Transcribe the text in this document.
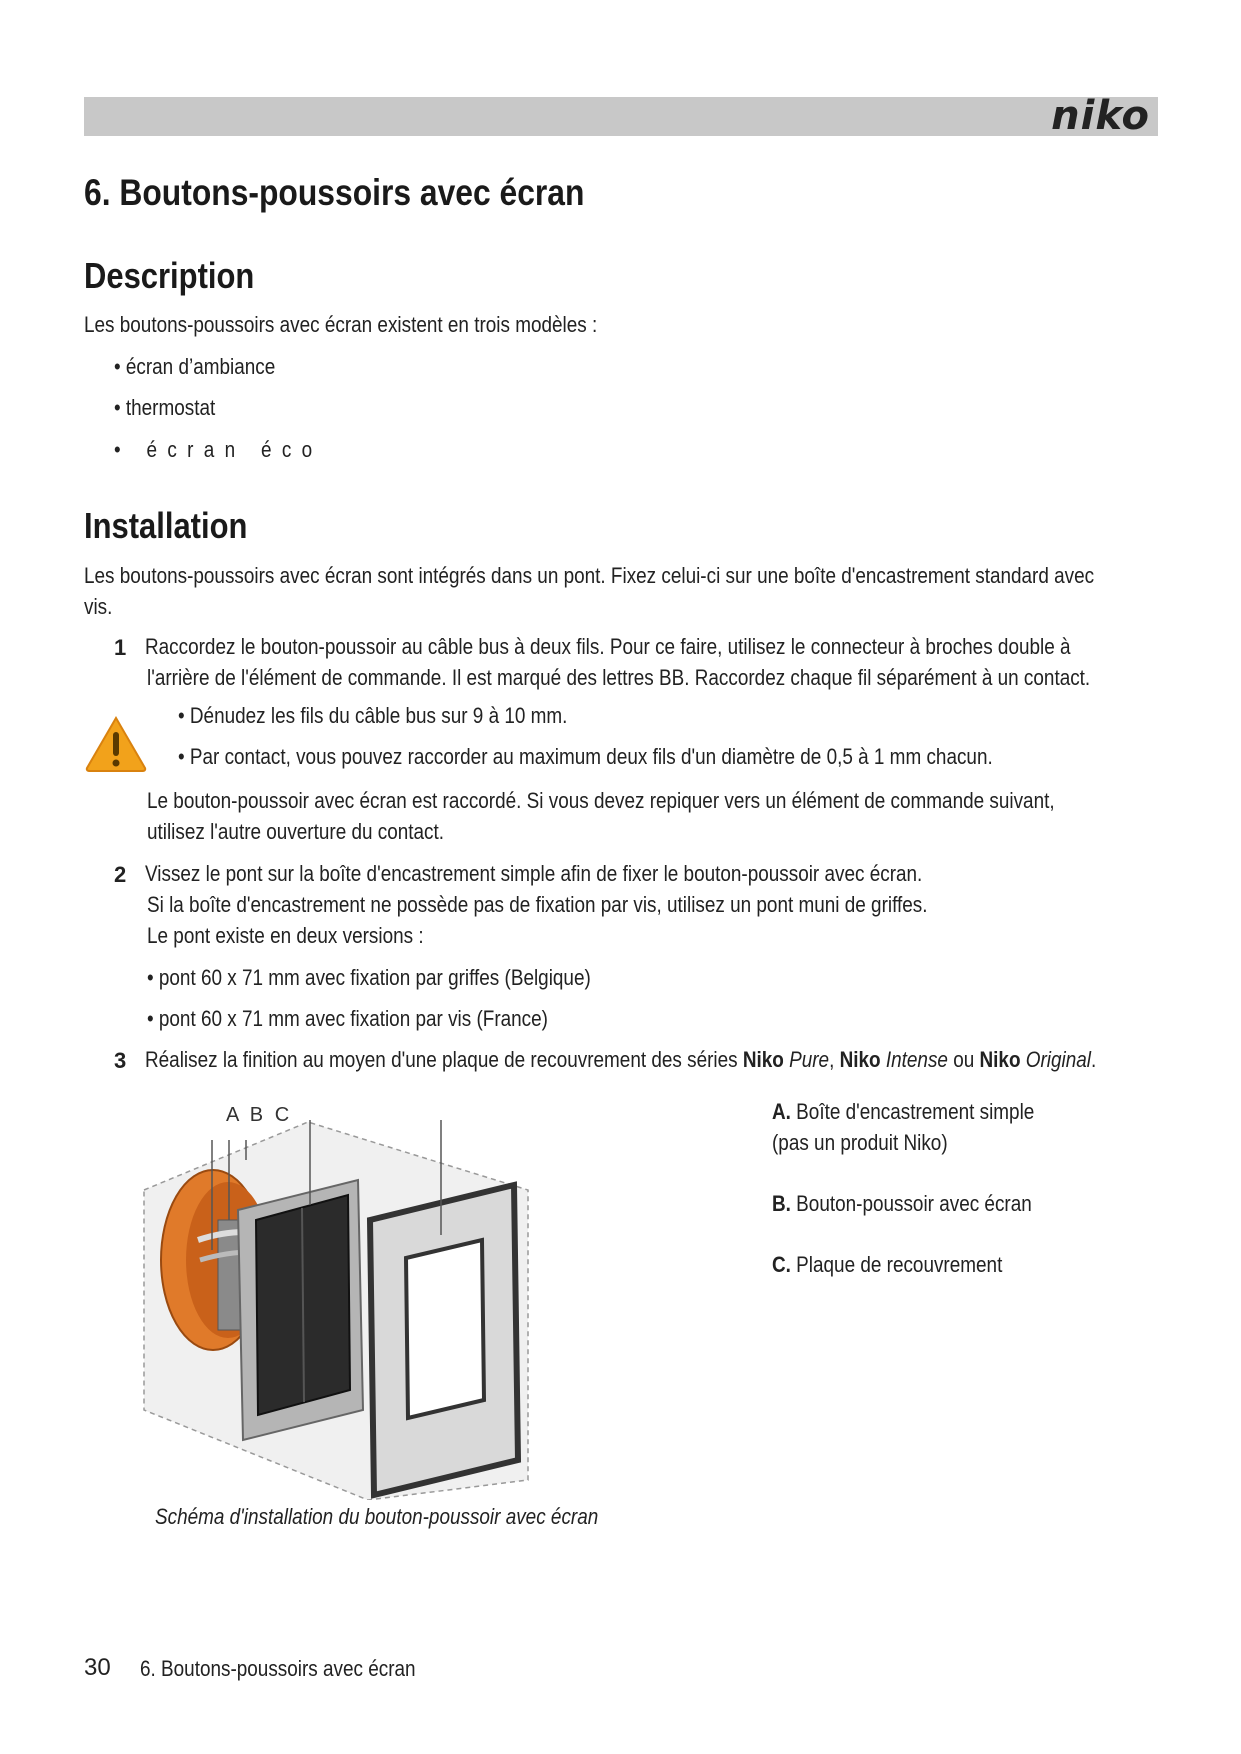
niko
6. Boutons-poussoirs avec écran
Description
Les boutons-poussoirs avec écran existent en trois modèles :
• écran d’ambiance
• thermostat
• écran éco
Installation
Les boutons-poussoirs avec écran sont intégrés dans un pont. Fixez celui-ci sur une boîte d'encastrement standard avec
vis.
1 Raccordez le bouton-poussoir au câble bus à deux fils. Pour ce faire, utilisez le connecteur à broches double à
l'arrière de l'élément de commande. Il est marqué des lettres BB. Raccordez chaque fil séparément à un contact.
• Dénudez les fils du câble bus sur 9 à 10 mm.
• Par contact, vous pouvez raccorder au maximum deux fils d'un diamètre de 0,5 à 1 mm chacun.
Le bouton-poussoir avec écran est raccordé. Si vous devez repiquer vers un élément de commande suivant,
utilisez l'autre ouverture du contact.
2 Vissez le pont sur la boîte d'encastrement simple afin de fixer le bouton-poussoir avec écran.
Si la boîte d'encastrement ne possède pas de fixation par vis, utilisez un pont muni de griffes.
Le pont existe en deux versions :
• pont 60 x 71 mm avec fixation par griffes (Belgique)
• pont 60 x 71 mm avec fixation par vis (France)
3 Réalisez la finition au moyen d'une plaque de recouvrement des séries Niko Pure, Niko Intense ou Niko Original.
A B C
Schéma d'installation du bouton-poussoir avec écran
A. Boîte d'encastrement simple
(pas un produit Niko)
B. Bouton-poussoir avec écran
C. Plaque de recouvrement
30 6. Boutons-poussoirs avec écran
